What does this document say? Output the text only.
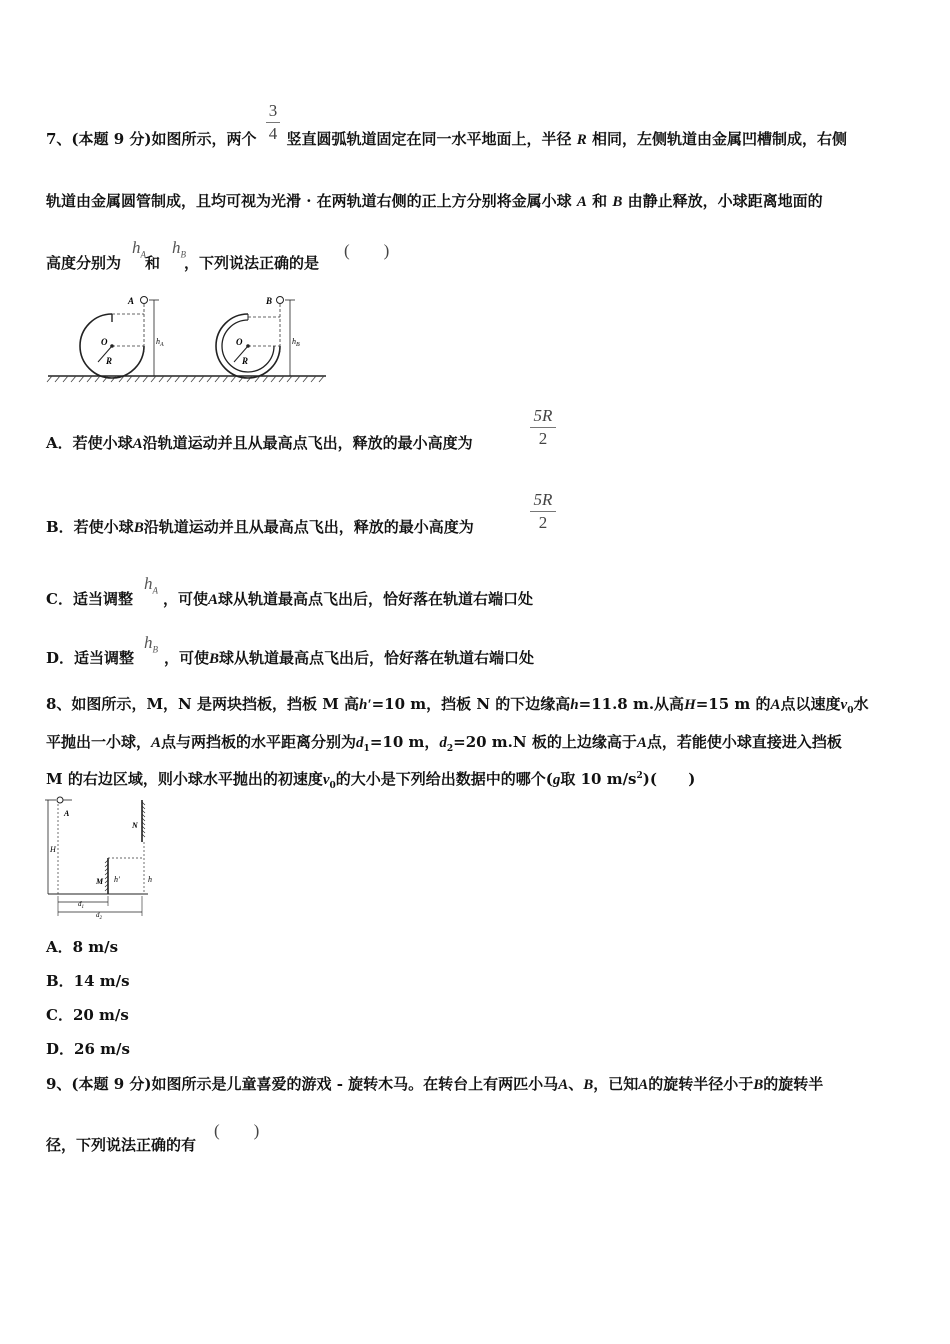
3
4
7、(本题 9 分)如图所示，两个 竖直圆弧轨道固定在同一水平地面上，半径 R 相同，左侧轨道由金属凹槽制成，右侧
轨道由金属圆管制成，且均可视为光滑 · 在两轨道右侧的正上方分别将金属小球 A 和 B 由静止释放，小球距离地面的
高度分别为 和 ，下列说法正确的是
$h_A$ $h_B$	(        )
A
O
R
$h_A$
B
O
R
$h_B$
A．若使小球A沿轨道运动并且从最高点飞出，释放的最小高度为
5R
2
B．若使小球B沿轨道运动并且从最高点飞出，释放的最小高度为
5R
2
C．适当调整 ，可使A球从轨道最高点飞出后，恰好落在轨道右端口处
$h_A$
D．适当调整 ，可使B球从轨道最高点飞出后，恰好落在轨道右端口处
$h_B$
8、如图所示，M，N 是两块挡板，挡板 M 高h′=10 m，挡板 N 的下边缘高h=11.8 m.从高H=15 m 的A点以速度$v_0$水
平抛出一小球，A点与两挡板的水平距离分别为$d_1=10$ m，$d_2=20$ m.N 板的上边缘高于A点，若能使小球直接进入挡板
M 的右边区域，则小球水平抛出的初速度$v_0$的大小是下列给出数据中的哪个(g取 10 $m/s^2$)(      )
A
H
N
M h′	h
$d_1$
$d_2$
A．8 m/s
B．14 m/s
C．20 m/s
D．26 m/s
9、(本题 9 分)如图所示是儿童喜爱的游戏 ‑ 旋转木马。在转台上有两匹小马A、B，已知A的旋转半径小于B的旋转半
径，下列说法正确的有
(        )
